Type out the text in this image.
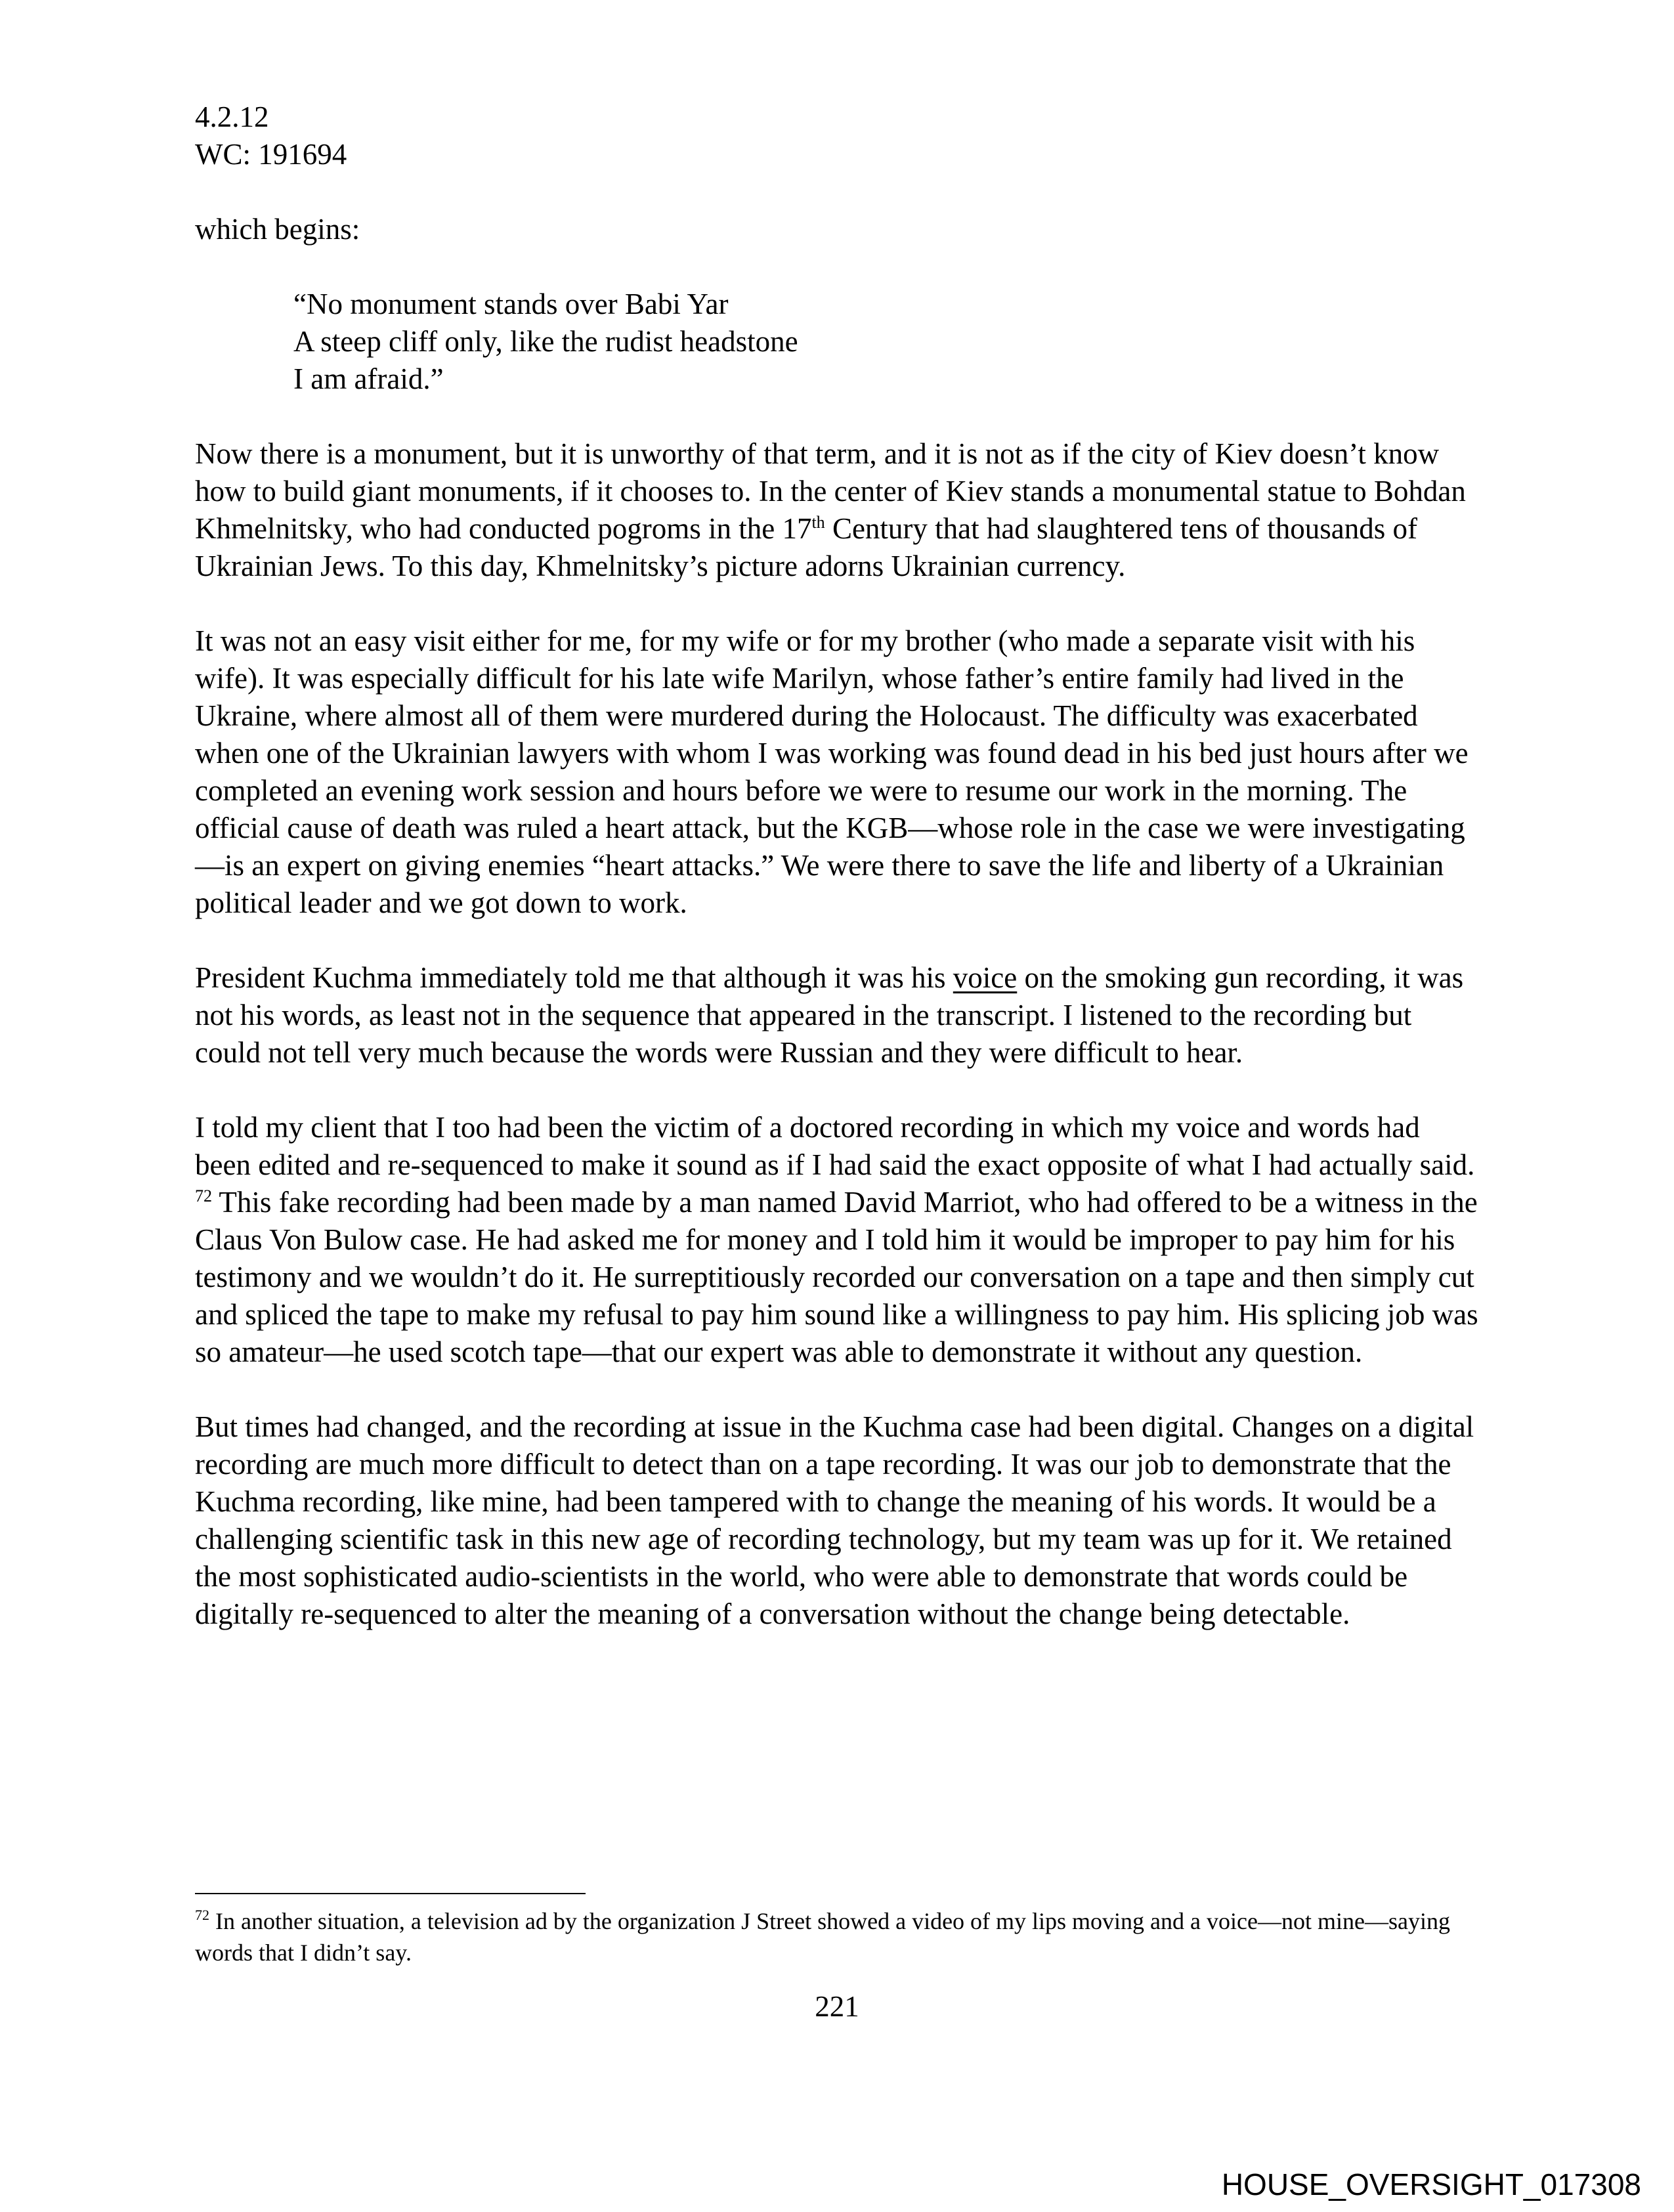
4.2.12
WC: 191694

which begins:

“No monument stands over Babi Yar
A steep cliff only, like the rudist headstone
I am afraid.”

Now there is a monument, but it is unworthy of that term, and it is not as if the city of Kiev doesn’t know how to build giant monuments, if it chooses to. In the center of Kiev stands a monumental statue to Bohdan Khmelnitsky, who had conducted pogroms in the 17th Century that had slaughtered tens of thousands of Ukrainian Jews. To this day, Khmelnitsky’s picture adorns Ukrainian currency.

It was not an easy visit either for me, for my wife or for my brother (who made a separate visit with his wife). It was especially difficult for his late wife Marilyn, whose father’s entire family had lived in the Ukraine, where almost all of them were murdered during the Holocaust. The difficulty was exacerbated when one of the Ukrainian lawyers with whom I was working was found dead in his bed just hours after we completed an evening work session and hours before we were to resume our work in the morning. The official cause of death was ruled a heart attack, but the KGB—whose role in the case we were investigating—is an expert on giving enemies “heart attacks.” We were there to save the life and liberty of a Ukrainian political leader and we got down to work.

President Kuchma immediately told me that although it was his voice on the smoking gun recording, it was not his words, as least not in the sequence that appeared in the transcript. I listened to the recording but could not tell very much because the words were Russian and they were difficult to hear.

I told my client that I too had been the victim of a doctored recording in which my voice and words had been edited and re-sequenced to make it sound as if I had said the exact opposite of what I had actually said. $^{72}$ This fake recording had been made by a man named David Marriot, who had offered to be a witness in the Claus Von Bulow case. He had asked me for money and I told him it would be improper to pay him for his testimony and we wouldn’t do it. He surreptitiously recorded our conversation on a tape and then simply cut and spliced the tape to make my refusal to pay him sound like a willingness to pay him. His splicing job was so amateur—he used scotch tape—that our expert was able to demonstrate it without any question.

But times had changed, and the recording at issue in the Kuchma case had been digital. Changes on a digital recording are much more difficult to detect than on a tape recording. It was our job to demonstrate that the Kuchma recording, like mine, had been tampered with to change the meaning of his words. It would be a challenging scientific task in this new age of recording technology, but my team was up for it. We retained the most sophisticated audio-scientists in the world, who were able to demonstrate that words could be digitally re-sequenced to alter the meaning of a conversation without the change being detectable.

$^{72}$ In another situation, a television ad by the organization J Street showed a video of my lips moving and a voice—not mine—saying words that I didn’t say.
221
HOUSE_OVERSIGHT_017308
